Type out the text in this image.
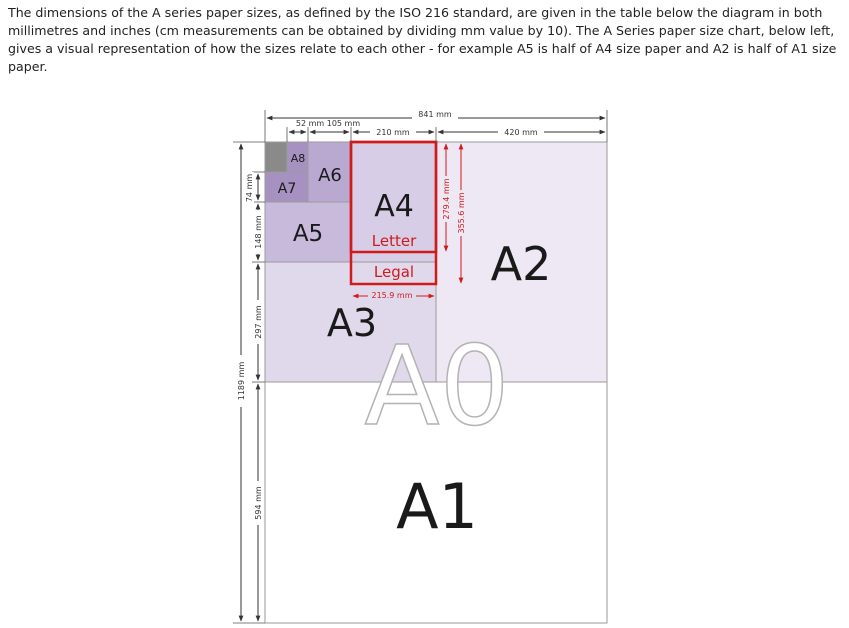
The dimensions of the A series paper sizes, as defined by the ISO 216 standard, are given in the table below the diagram in both millimetres and inches (cm measurements can be obtained by dividing mm value by 10). The A Series paper size chart, below left, gives a visual representation of how the sizes relate to each other - for example A5 is half of A4 size paper and A2 is half of A1 size paper.

A0
A1
A2
A3
A4
A5
A6
A7
A8
Letter
Legal
215.9 mm
279.4 mm 355.6 mm
841 mm
52 mm 105 mm
210 mm	420 mm
1189 mm
74 mm
148 mm
297 mm
594 mm
